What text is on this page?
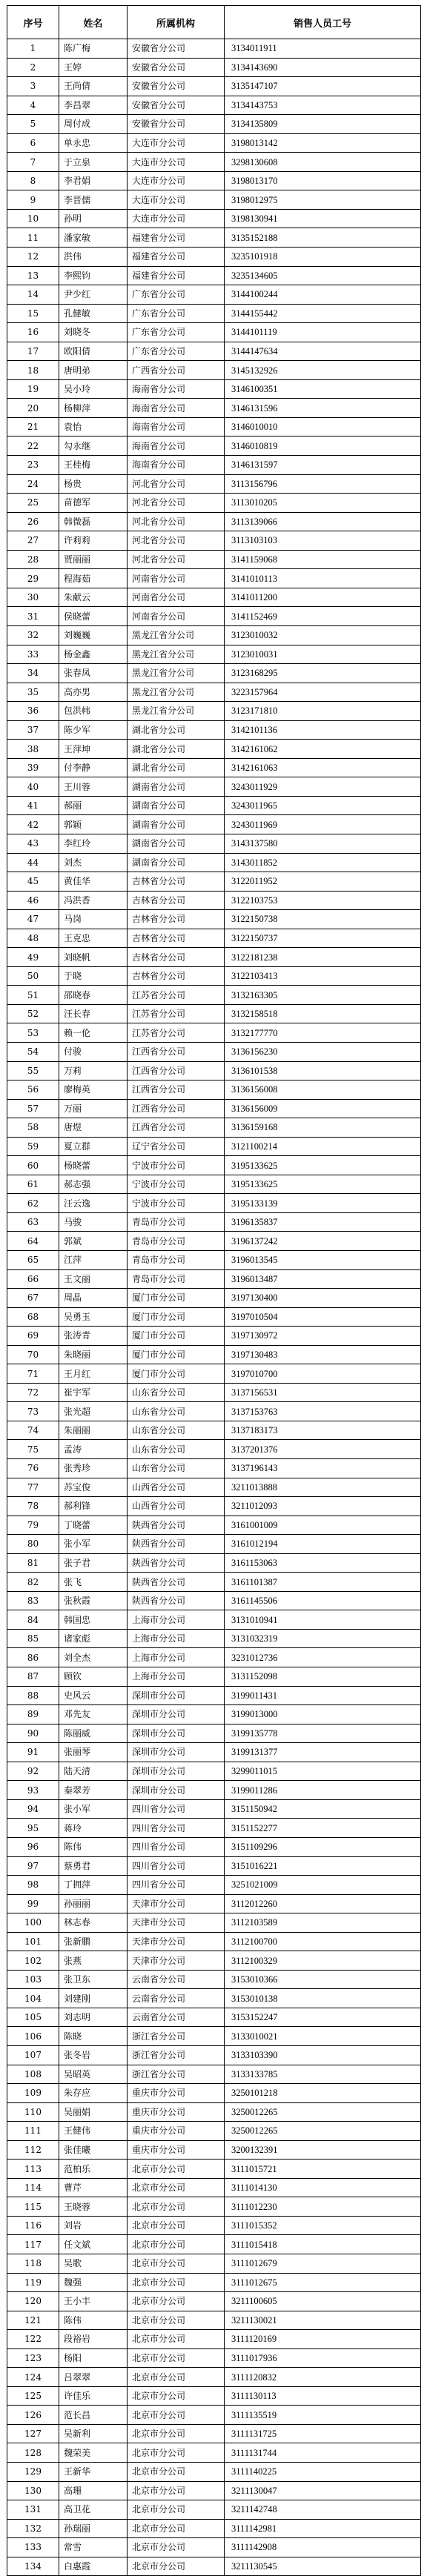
序号	姓名	所属机构	销售人员工号
1	陈广梅	安徽省分公司	3134011911
2	王婷	安徽省分公司	3134143690
3	王尚倩	安徽省分公司	3135147107
4	李昌翠	安徽省分公司	3134143753
5	周付成	安徽省分公司	3134135809
6	单永忠	大连市分公司	3198013142
7	于立泉	大连市分公司	3298130608
8	李君娟	大连市分公司	3198013170
9	李晋儒	大连市分公司	3198012975
10	孙明	大连市分公司	3198130941
11	潘家敏	福建省分公司	3135152188
12	洪伟	福建省分公司	3235101918
13	李熙钧	福建省分公司	3235134605
14	尹少红	广东省分公司	3144100244
15	孔健敏	广东省分公司	3144155442
16	刘晓冬	广东省分公司	3144101119
17	欧阳倩	广东省分公司	3144147634
18	唐明弟	广西省分公司	3145132926
19	吴小玲	海南省分公司	3146100351
20	杨柳萍	海南省分公司	3146131596
21	袁怡	海南省分公司	3146010010
22	勾永继	海南省分公司	3146010819
23	王桂梅	海南省分公司	3146131597
24	杨贵	河北省分公司	3113156796
25	苗德军	河北省分公司	3113010205
26	韩微磊	河北省分公司	3113139066
27	许莉莉	河北省分公司	3113103103
28	贾丽丽	河北省分公司	3141159068
29	程海茹	河南省分公司	3141010113
30	朱献云	河南省分公司	3141011200
31	侯晓蕾	河南省分公司	3141152469
32	刘巍巍	黑龙江省分公司	3123010032
33	杨金鑫	黑龙江省分公司	3123010031
34	张春凤	黑龙江省分公司	3123168295
35	高亦男	黑龙江省分公司	3223157964
36	包洪帏	黑龙江省分公司	3123171810
37	陈少军	湖北省分公司	3142101136
38	王萍坤	湖北省分公司	3142161062
39	付李静	湖北省分公司	3142161063
40	王川蓉	湖南省分公司	3243011929
41	郝丽	湖南省分公司	3243011965
42	郭颖	湖南省分公司	3243011969
43	李红玲	湖南省分公司	3143137580
44	刘杰	湖南省分公司	3143011852
45	黄佳华	吉林省分公司	3122011952
46	冯洪香	吉林省分公司	3122103753
47	马岗	吉林省分公司	3122150738
48	王克忠	吉林省分公司	3122150737
49	刘晓帆	吉林省分公司	3122181238
50	于晓	吉林省分公司	3122103413
51	邵晓春	江苏省分公司	3132163305
52	汪长春	江苏省分公司	3132158518
53	赖一伦	江苏省分公司	3132177770
54	付骏	江西省分公司	3136156230
55	万莉	江西省分公司	3136101538
56	廖梅英	江西省分公司	3136156008
57	万丽	江西省分公司	3136156009
58	唐煜	江西省分公司	3136159168
59	夏立群	辽宁省分公司	3121100214
60	杨晓蕾	宁波市分公司	3195133625
61	郝志强	宁波市分公司	3195133625
62	汪云逸	宁波市分公司	3195133139
63	马骏	青岛市分公司	3196135837
64	郭斌	青岛市分公司	3196137242
65	江萍	青岛市分公司	3196013545
66	王文丽	青岛市分公司	3196013487
67	周晶	厦门市分公司	3197130400
68	吴勇玉	厦门市分公司	3197010504
69	张涛青	厦门市分公司	3197130972
70	朱晓丽	厦门市分公司	3197130483
71	王月红	厦门市分公司	3197010700
72	崔宇军	山东省分公司	3137156531
73	张光超	山东省分公司	3137153763
74	朱丽丽	山东省分公司	3137183173
75	孟涛	山东省分公司	3137201376
76	张秀珍	山东省分公司	3137196143
77	苏宝俊	山西省分公司	3211013888
78	郝利锋	山西省分公司	3211012093
79	丁晓蕾	陕西省分公司	3161001009
80	张小军	陕西省分公司	3161012194
81	张子君	陕西省分公司	3161153063
82	张飞	陕西省分公司	3161101387
83	张秋霞	陕西省分公司	3161145506
84	韩国忠	上海市分公司	3131010941
85	诸家彪	上海市分公司	3131032319
86	刘全杰	上海市分公司	3231012736
87	顾钦	上海市分公司	3131152098
88	史风云	深圳市分公司	3199011431
89	邓先友	深圳市分公司	3199013000
90	陈丽威	深圳市分公司	3199135778
91	张丽琴	深圳市分公司	3199131377
92	陆天清	深圳市分公司	3299011015
93	秦翠芳	深圳市分公司	3199011286
94	张小军	四川省分公司	3151150942
95	蒋玲	四川省分公司	3151152277
96	陈伟	四川省分公司	3151109296
97	蔡勇君	四川省分公司	3151016221
98	丁拥萍	四川省分公司	3251021009
99	孙丽丽	天津市分公司	3112012260
100	林志春	天津市分公司	3112103589
101	张新鹏	天津市分公司	3112100700
102	张燕	天津市分公司	3112100329
103	张卫东	云南省分公司	3153010366
104	刘建刚	云南省分公司	3153010138
105	刘志明	云南省分公司	3153152247
106	陈晓	浙江省分公司	3133010021
107	张冬岩	浙江省分公司	3133103390
108	吴昭英	浙江省分公司	3133133785
109	朱存应	重庆市分公司	3250101218
110	吴丽娟	重庆市分公司	3250012265
111	王健伟	重庆市分公司	3250012265
112	张佳曦	重庆市分公司	3200132391
113	范柏乐	北京市分公司	3111015721
114	曹芹	北京市分公司	3111014130
115	王晓蓉	北京市分公司	3111012230
116	刘岩	北京市分公司	3111015352
117	任文斌	北京市分公司	3111015418
118	吴歌	北京市分公司	3111012679
119	魏强	北京市分公司	3111012675
120	王小丰	北京市分公司	3211100605
121	陈伟	北京市分公司	3211130021
122	段裕岩	北京市分公司	3111120169
123	杨阳	北京市分公司	3111017936
124	吕翠翠	北京市分公司	3111120832
125	许佳乐	北京市分公司	3111130113
126	范长昌	北京市分公司	3111135519
127	吴新利	北京市分公司	3111131725
128	魏荣美	北京市分公司	3111131744
129	王新华	北京市分公司	3111140225
130	高珊	北京市分公司	3211130047
131	高卫花	北京市分公司	3211142748
132	孙瑞丽	北京市分公司	3111142981
133	常雪	北京市分公司	3111142908
134	白惠霞	北京市分公司	3211130545
